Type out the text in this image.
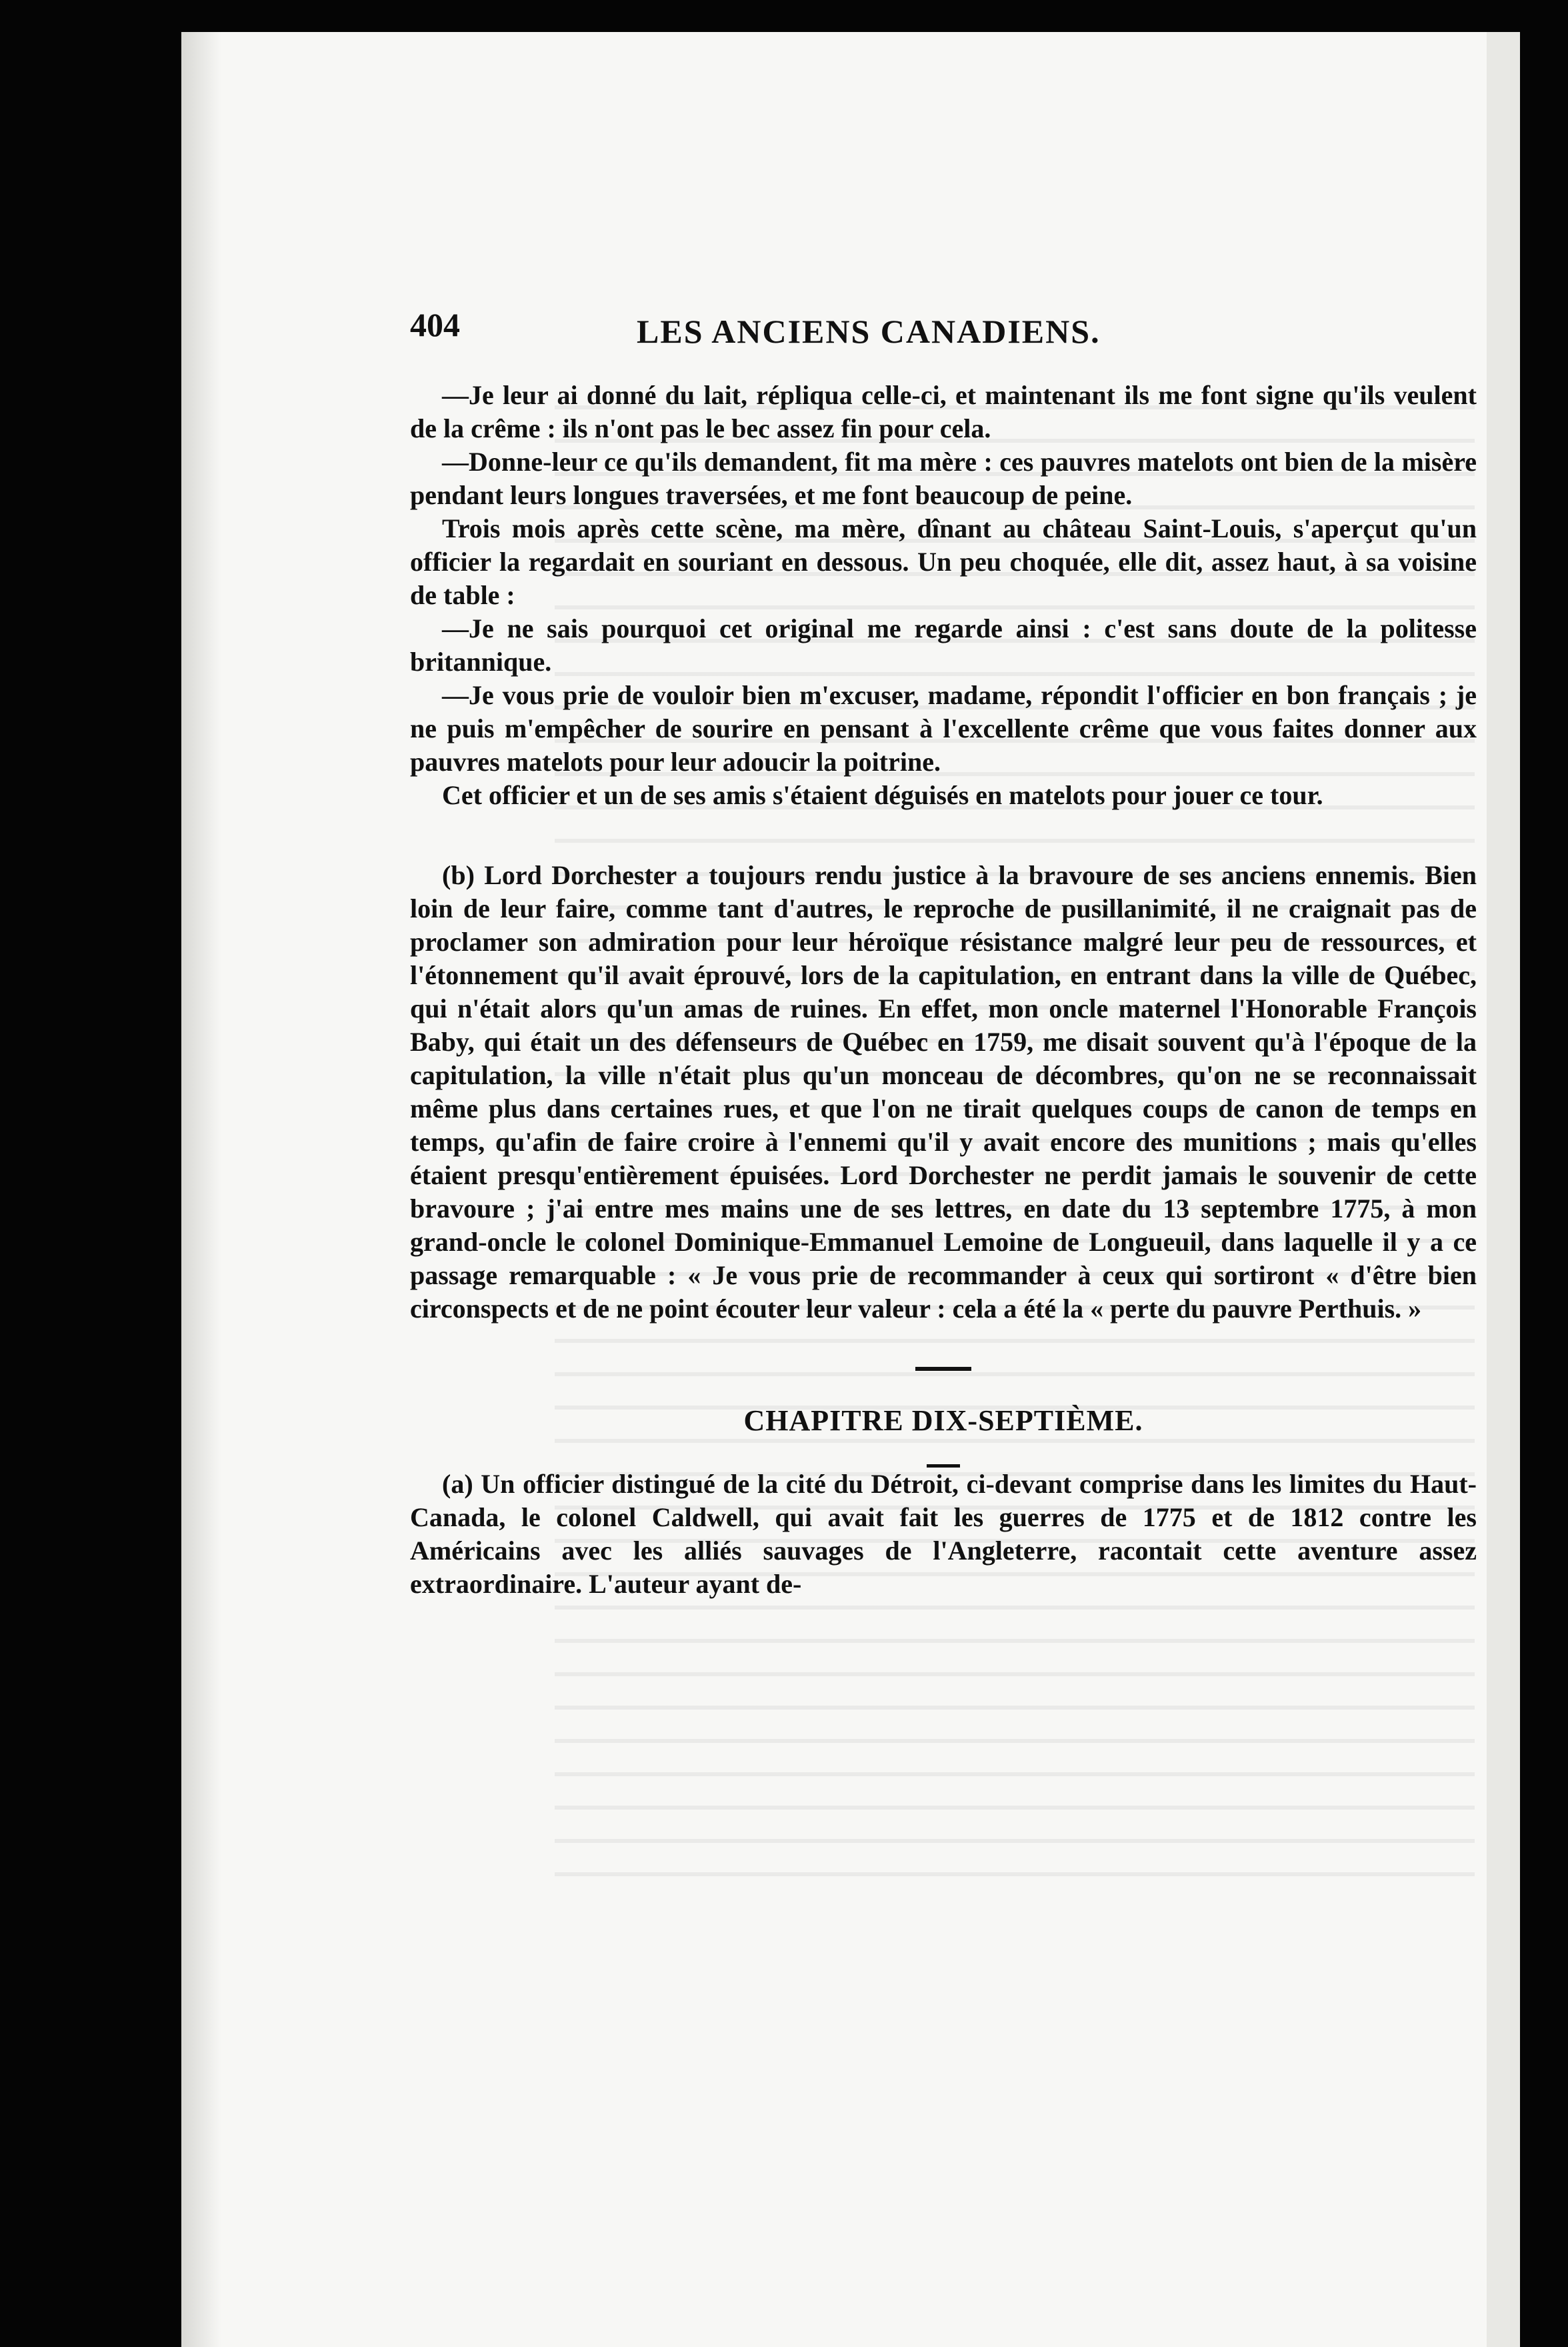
404	LES ANCIENS CANADIENS.

—Je leur ai donné du lait, répliqua celle-ci, et maintenant ils me font signe qu'ils veulent de la crême : ils n'ont pas le bec assez fin pour cela.

—Donne-leur ce qu'ils demandent, fit ma mère : ces pauvres matelots ont bien de la misère pendant leurs longues traversées, et me font beaucoup de peine.

Trois mois après cette scène, ma mère, dînant au château Saint-Louis, s'aperçut qu'un officier la regardait en souriant en dessous. Un peu choquée, elle dit, assez haut, à sa voisine de table :

—Je ne sais pourquoi cet original me regarde ainsi : c'est sans doute de la politesse britannique.

—Je vous prie de vouloir bien m'excuser, madame, répondit l'officier en bon français ; je ne puis m'empêcher de sourire en pensant à l'excellente crême que vous faites donner aux pauvres matelots pour leur adoucir la poitrine.

Cet officier et un de ses amis s'étaient déguisés en matelots pour jouer ce tour.

(b) Lord Dorchester a toujours rendu justice à la bravoure de ses anciens ennemis. Bien loin de leur faire, comme tant d'autres, le reproche de pusillanimité, il ne craignait pas de proclamer son admiration pour leur héroïque résistance malgré leur peu de ressources, et l'étonnement qu'il avait éprouvé, lors de la capitulation, en entrant dans la ville de Québec, qui n'était alors qu'un amas de ruines. En effet, mon oncle maternel l'Honorable François Baby, qui était un des défenseurs de Québec en 1759, me disait souvent qu'à l'époque de la capitulation, la ville n'était plus qu'un monceau de décombres, qu'on ne se reconnaissait même plus dans certaines rues, et que l'on ne tirait quelques coups de canon de temps en temps, qu'afin de faire croire à l'ennemi qu'il y avait encore des munitions ; mais qu'elles étaient presqu'entièrement épuisées. Lord Dorchester ne perdit jamais le souvenir de cette bravoure ; j'ai entre mes mains une de ses lettres, en date du 13 septembre 1775, à mon grand-oncle le colonel Dominique-Emmanuel Lemoine de Longueuil, dans laquelle il y a ce passage remarquable : « Je vous prie de recommander à ceux qui sortiront « d'être bien circonspects et de ne point écouter leur valeur : cela a été la « perte du pauvre Perthuis. »

CHAPITRE DIX-SEPTIÈME.

(a) Un officier distingué de la cité du Détroit, ci-devant comprise dans les limites du Haut-Canada, le colonel Caldwell, qui avait fait les guerres de 1775 et de 1812 contre les Américains avec les alliés sauvages de l'Angleterre, racontait cette aventure assez extraordinaire. L'auteur ayant de-
